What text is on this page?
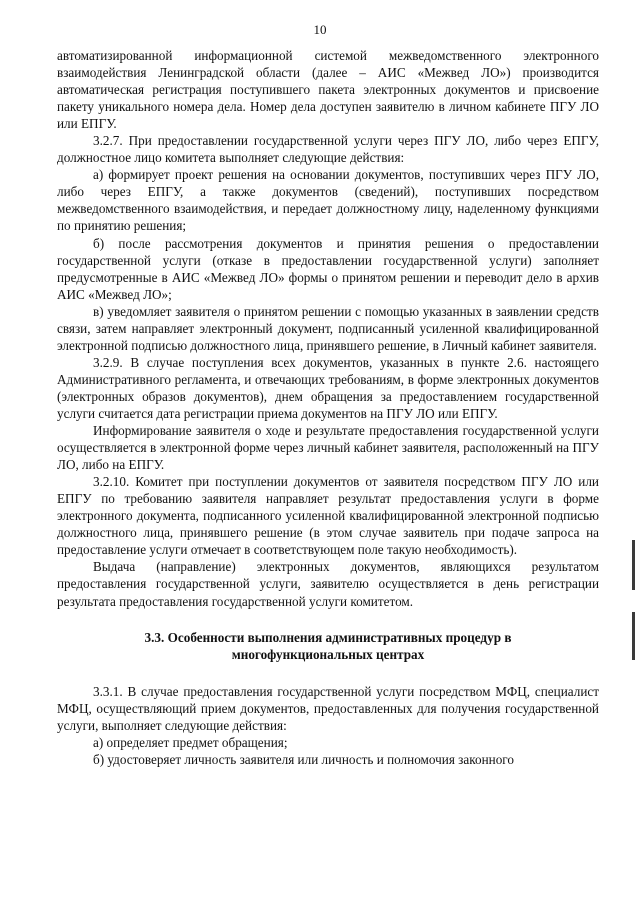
10

автоматизированной информационной системой межведомственного электронного взаимодействия Ленинградской области (далее – АИС «Межвед ЛО») производится автоматическая регистрация поступившего пакета электронных документов и присвоение пакету уникального номера дела. Номер дела доступен заявителю в личном кабинете ПГУ ЛО или ЕПГУ.

3.2.7. При предоставлении государственной услуги через ПГУ ЛО, либо через ЕПГУ, должностное лицо комитета выполняет следующие действия:

а) формирует проект решения на основании документов, поступивших через ПГУ ЛО, либо через ЕПГУ, а также документов (сведений), поступивших посредством межведомственного взаимодействия, и передает должностному лицу, наделенному функциями по принятию решения;

б) после рассмотрения документов и принятия решения о предоставлении государственной услуги (отказе в предоставлении государственной услуги) заполняет предусмотренные в АИС «Межвед ЛО» формы о принятом решении и переводит дело в архив АИС «Межвед ЛО»;

в) уведомляет заявителя о принятом решении с помощью указанных в заявлении средств связи, затем направляет электронный документ, подписанный усиленной квалифицированной электронной подписью должностного лица, принявшего решение, в Личный кабинет заявителя.

3.2.9. В случае поступления всех документов, указанных в пункте 2.6. настоящего Административного регламента, и отвечающих требованиям, в форме электронных документов (электронных образов документов), днем обращения за предоставлением государственной услуги считается дата регистрации приема документов на ПГУ ЛО или ЕПГУ.

Информирование заявителя о ходе и результате предоставления государственной услуги осуществляется в электронной форме через личный кабинет заявителя, расположенный на ПГУ ЛО, либо на ЕПГУ.

3.2.10. Комитет при поступлении документов от заявителя посредством ПГУ ЛО или ЕПГУ по требованию заявителя направляет результат предоставления услуги в форме электронного документа, подписанного усиленной квалифицированной электронной подписью должностного лица, принявшего решение (в этом случае заявитель при подаче запроса на предоставление услуги отмечает в соответствующем поле такую необходимость).

Выдача (направление) электронных документов, являющихся результатом предоставления государственной услуги, заявителю осуществляется в день регистрации результата предоставления государственной услуги комитетом.

3.3. Особенности выполнения административных процедур в
многофункциональных центрах

3.3.1. В случае предоставления государственной услуги посредством МФЦ, специалист МФЦ, осуществляющий прием документов, предоставленных для получения государственной услуги, выполняет следующие действия:

а) определяет предмет обращения;

б) удостоверяет личность заявителя или личность и полномочия законного
